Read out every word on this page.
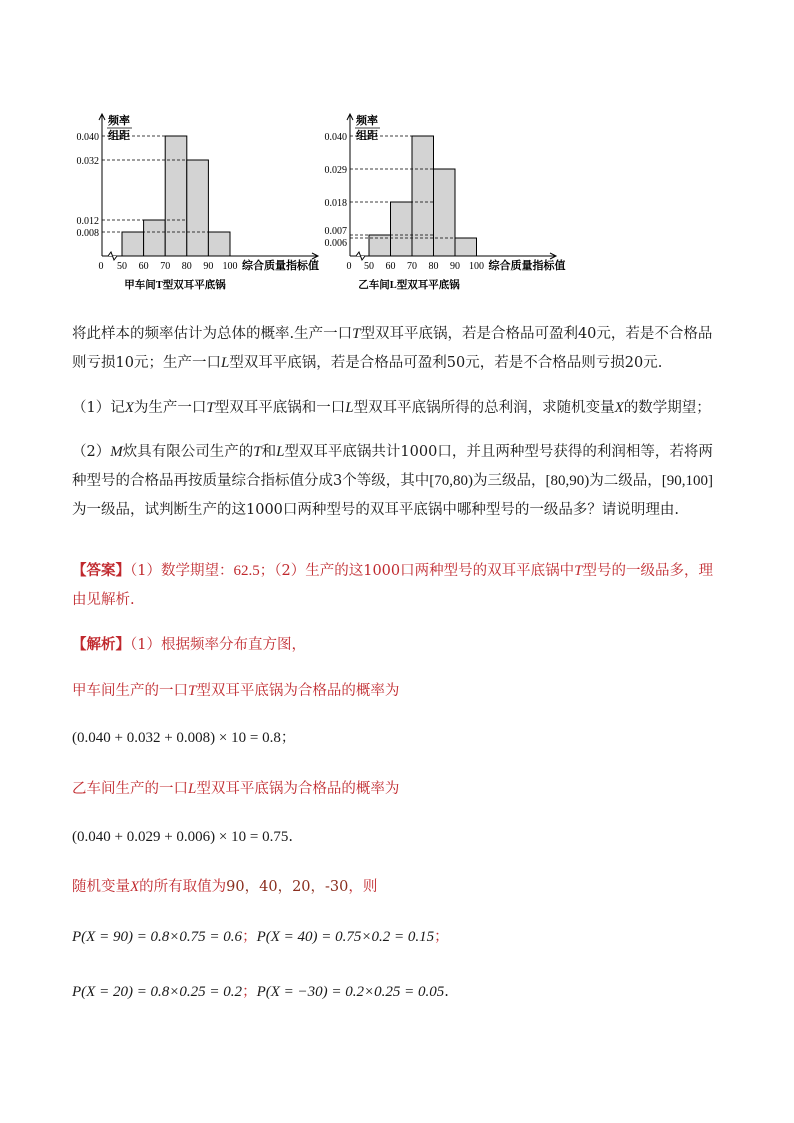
频率
组距
0.008
0.012
0.032
0.040
0 50 60 70 80 90 100 综合质量指标值
甲车间T型双耳平底锅
频率
组距
0.006
0.007
0.018
0.029
0.040
0 50 60 70 80 90 100 综合质量指标值
乙车间L型双耳平底锅
将此样本的频率估计为总体的概率.生产一口T型双耳平底锅，若是合格品可盈利40元，若是不合格品则亏损10元；生产一口L型双耳平底锅，若是合格品可盈利50元，若是不合格品则亏损20元.
（1）记X为生产一口T型双耳平底锅和一口L型双耳平底锅所得的总利润，求随机变量X的数学期望；
（2）M炊具有限公司生产的T和L型双耳平底锅共计1000口，并且两种型号获得的利润相等，若将两种型号的合格品再按质量综合指标值分成3个等级，其中[70,80)为三级品，[80,90)为二级品，[90,100]为一级品，试判断生产的这1000口两种型号的双耳平底锅中哪种型号的一级品多？请说明理由.
【答案】（1）数学期望：62.5；（2）生产的这1000口两种型号的双耳平底锅中T型号的一级品多，理由见解析.
【解析】（1）根据频率分布直方图，
甲车间生产的一口T型双耳平底锅为合格品的概率为
(0.040 + 0.032 + 0.008) × 10 = 0.8；
乙车间生产的一口L型双耳平底锅为合格品的概率为
(0.040 + 0.029 + 0.006) × 10 = 0.75.
随机变量X的所有取值为90，40，20，-30，则
P(X = 90) = 0.8×0.75 = 0.6；P(X = 40) = 0.75×0.2 = 0.15；
P(X = 20) = 0.8×0.25 = 0.2；P(X = −30) = 0.2×0.25 = 0.05.
